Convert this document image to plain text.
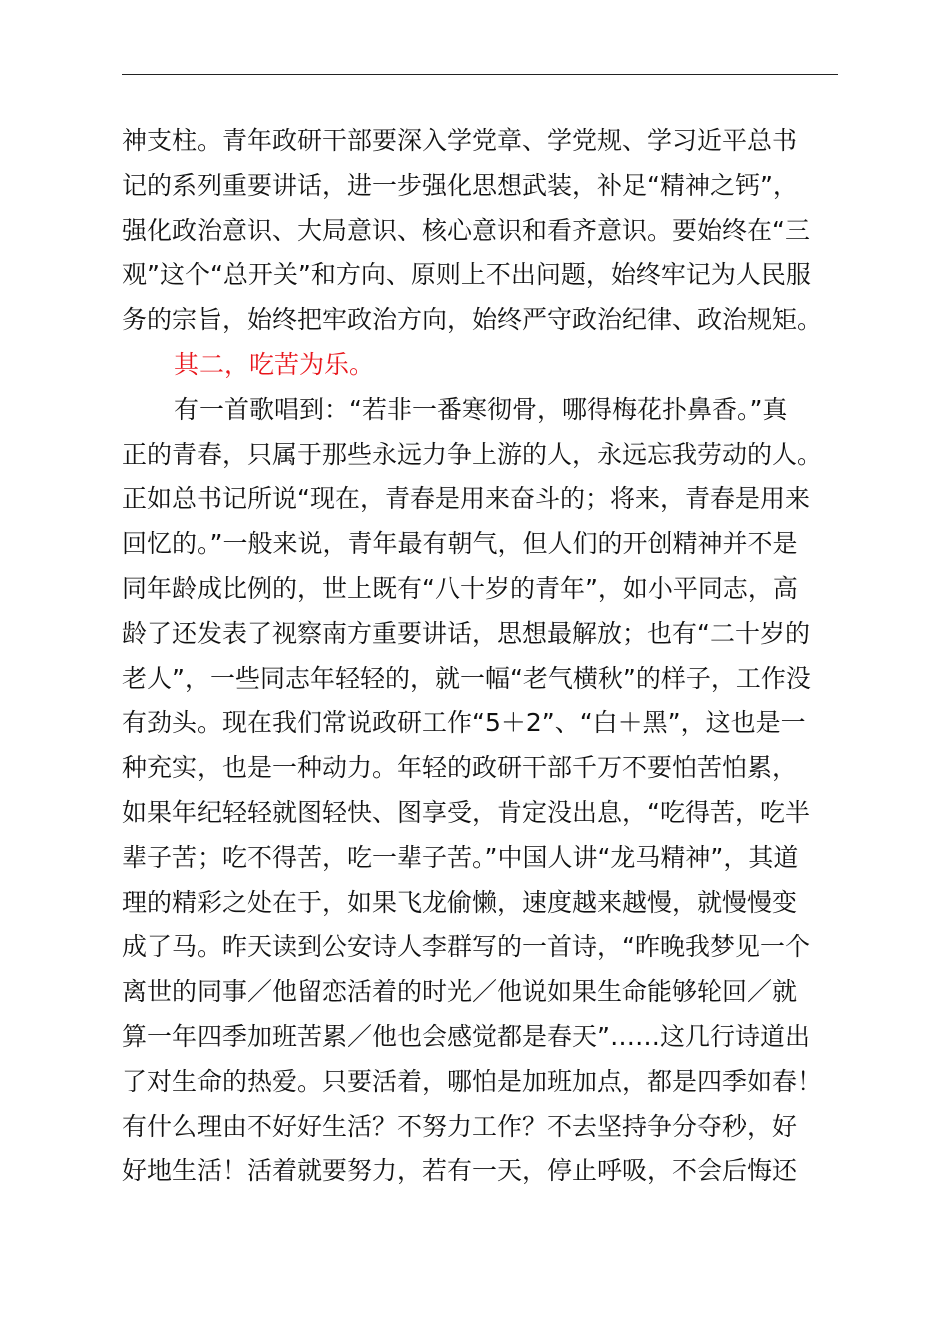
神支柱。青年政研干部要深入学党章、学党规、学习近平总书
记的系列重要讲话，进一步强化思想武装，补足“精神之钙”，
强化政治意识、大局意识、核心意识和看齐意识。要始终在“三
观”这个“总开关”和方向、原则上不出问题，始终牢记为人民服
务的宗旨，始终把牢政治方向，始终严守政治纪律、政治规矩。
其二，吃苦为乐。
有一首歌唱到：“若非一番寒彻骨，哪得梅花扑鼻香。”真
正的青春，只属于那些永远力争上游的人，永远忘我劳动的人。
正如总书记所说“现在，青春是用来奋斗的；将来，青春是用来
回忆的。”一般来说，青年最有朝气，但人们的开创精神并不是
同年龄成比例的，世上既有“八十岁的青年”，如小平同志，高
龄了还发表了视察南方重要讲话，思想最解放；也有“二十岁的
老人”，一些同志年轻轻的，就一幅“老气横秋”的样子，工作没
有劲头。现在我们常说政研工作“5＋2”、“白＋黑”，这也是一
种充实，也是一种动力。年轻的政研干部千万不要怕苦怕累，
如果年纪轻轻就图轻快、图享受，肯定没出息，“吃得苦，吃半
辈子苦；吃不得苦，吃一辈子苦。”中国人讲“龙马精神”，其道
理的精彩之处在于，如果飞龙偷懒，速度越来越慢，就慢慢变
成了马。昨天读到公安诗人李群写的一首诗，“昨晚我梦见一个
离世的同事／他留恋活着的时光／他说如果生命能够轮回／就
算一年四季加班苦累／他也会感觉都是春天”……这几行诗道出
了对生命的热爱。只要活着，哪怕是加班加点，都是四季如春！
有什么理由不好好生活？不努力工作？不去坚持争分夺秒，好
好地生活！活着就要努力，若有一天，停止呼吸，不会后悔还
